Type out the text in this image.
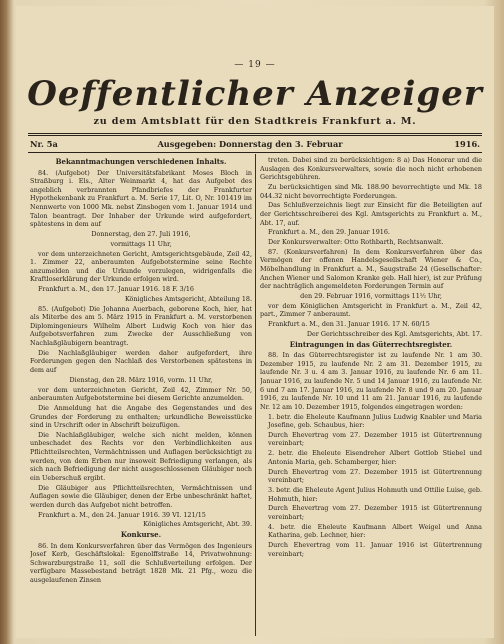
— 19 —
Oeffentlicher Anzeiger
zu dem Amtsblatt für den Stadtkreis Frankfurt a. M.
Nr. 5a	Ausgegeben: Donnerstag den 3. Februar	1916.

Bekanntmachungen verschiedenen Inhalts.

84. (Aufgebot) Der Universitätsfabrikant Moses Bloch in Straßburg i. Els., Alter Weinmarkt 4, hat das Aufgebot des angeblich verbrannten Pfandbriefes der Frankfurter Hypothekenbank zu Frankfurt a. M. Serie 17, Lit. O, Nr. 101419 im Nennwerte von 1000 Mk. nebst Zinsbogen vom 1. Januar 1914 und Talon beantragt. Der Inhaber der Urkunde wird aufgefordert, spätestens in dem auf

Donnerstag, den 27. Juli 1916,

vormittags 11 Uhr,

vor dem unterzeichneten Gericht, Amtsgerichtsgebäude, Zeil 42, 1. Zimmer 22, anberaumten Aufgebotstermine seine Rechte anzumelden und die Urkunde vorzulegen, widrigenfalls die Kraftloserklärung der Urkunde erfolgen wird.

Frankfurt a. M., den 17. Januar 1916. 18 F. 3/16

Königliches Amtsgericht, Abteilung 18.

85. (Aufgebot) Die Johanna Auerbach, geborene Koch, hier, hat als Miterbe des am 5. März 1915 in Frankfurt a. M. verstorbenen Diplomingenieurs Wilhelm Albert Ludwig Koch von hier das Aufgebotsverfahren zum Zwecke der Ausschließung von Nachlaßgläubigern beantragt.

Die Nachlaßgläubiger werden daher aufgefordert, ihre Forderungen gegen den Nachlaß des Verstorbenen spätestens in dem auf

Dienstag, den 28. März 1916, vorm. 11 Uhr,

vor dem unterzeichneten Gericht, Zeil 42, Zimmer Nr. 50, anberaumten Aufgebotstermine bei diesem Gerichte anzumelden.

Die Anmeldung hat die Angabe des Gegenstandes und des Grundes der Forderung zu enthalten; urkundliche Beweisstücke sind in Urschrift oder in Abschrift beizufügen.

Die Nachlaßgläubiger, welche sich nicht melden, können unbeschadet des Rechts vor den Verbindlichkeiten aus Pflichtteilsrechten, Vermächtnissen und Auflagen berücksichtigt zu werden, von dem Erben nur insoweit Befriedigung verlangen, als sich nach Befriedigung der nicht ausgeschlossenen Gläubiger noch ein Ueberschuß ergibt.

Die Gläubiger aus Pflichtteilsrechten, Vermächtnissen und Auflagen sowie die Gläubiger, denen der Erbe unbeschränkt haftet, werden durch das Aufgebot nicht betroffen.

Frankfurt a. M., den 24. Januar 1916. 39 VI. 121/15

Königliches Amtsgericht, Abt. 39.

Konkurse.

86. In dem Konkursverfahren über das Vermögen des Ingenieurs Josef Kerb, Geschäftslokal: Egenolffstraße 14, Privatwohnung: Schwarzburgstraße 11, soll die Schlußverteilung erfolgen. Der verfügbare Massebestand beträgt 1828 Mk. 21 Pfg., wozu die ausgelaufenen Zinsen

treten. Dabei sind zu berücksichtigen: 8 a) Das Honorar und die Auslagen des Konkursverwalters, sowie die noch nicht erhobenen Gerichtsgebühren.

Zu berücksichtigen sind Mk. 188.90 bevorrechtigte und Mk. 18 044.32 nicht bevorrechtigte Forderungen.

Das Schlußverzeichnis liegt zur Einsicht für die Beteiligten auf der Gerichtsschreiberei des Kgl. Amtsgerichts zu Frankfurt a. M., Abt. 17, auf.

Frankfurt a. M., den 29. Januar 1916.

Der Konkursverwalter: Otto Rothbarth, Rechtsanwalt.

87. (Konkursverfahren) In dem Konkursverfahren über das Vermögen der offenen Handelsgesellschaft Wiener & Co., Möbelhandlung in Frankfurt a. M., Saugstraße 24 (Gesellschafter: Anchen Wiener und Salomon Kranke geb. Hall hier), ist zur Prüfung der nachträglich angemeldeten Forderungen Termin auf

den 29. Februar 1916, vormittags 11½ Uhr,

vor dem Königlichen Amtsgericht in Frankfurt a. M., Zeil 42, part., Zimmer 7 anberaumt.

Frankfurt a. M., den 31. Januar 1916. 17 N. 60/15

Der Gerichtsschreiber des Kgl. Amtsgerichts, Abt. 17.

Eintragungen in das Güterrechtsregister.

88. In das Güterrechtsregister ist zu laufende Nr. 1 am 30. Dezember 1915, zu laufende Nr. 2 am 31. Dezember 1915, zu laufende Nr. 3 u. 4 am 3. Januar 1916, zu laufende Nr. 6 am 11. Januar 1916, zu laufende Nr. 5 und 14 Januar 1916, zu laufende Nr. 6 und 7 am 17. Januar 1916, zu laufende Nr. 8 und 9 am 20. Januar 1916, zu laufende Nr. 10 und 11 am 21. Januar 1916, zu laufende Nr. 12 am 10. Dezember 1915, folgendes eingetragen worden:

1. betr. die Eheleute Kaufmann Julius Ludwig Knabler und Maria Josefine, geb. Schaubus, hier:

Durch Ehevertrag vom 27. Dezember 1915 ist Gütertrennung vereinbart;

2. betr. die Eheleute Eisendreher Albert Gottlob Stiebel und Antonia Maria, geb. Schamberger, hier:

Durch Ehevertrag vom 27. Dezember 1915 ist Gütertrennung vereinbart;

3. betr. die Eheleute Agent Julius Hohmuth und Ottilie Luise, geb. Hohmuth, hier:

Durch Ehevertrag vom 27. Dezember 1915 ist Gütertrennung vereinbart;

4. betr. die Eheleute Kaufmann Albert Weigel und Anna Katharina, geb. Lechner, hier:

Durch Ehevertrag vom 11. Januar 1916 ist Gütertrennung vereinbart;
